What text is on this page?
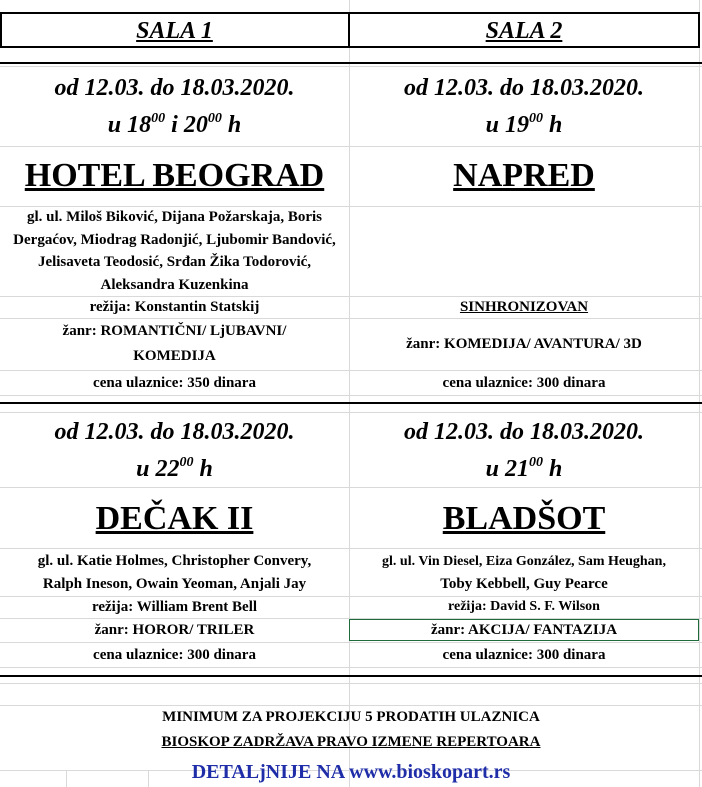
SALA 1	SALA 2
od 12.03. do 18.03.2020.
u $18^{00}$ i $20^{00}$ h
HOTEL BEOGRAD
gl. ul. Miloš Biković, Dijana Požarskaja, Boris Dergaćov, Miodrag Radonjić, Ljubomir Bandović, Jelisaveta Teodosić, Srđan Žika Todorović, Aleksandra Kuzenkina
režija: Konstantin Statskij
žanr: ROMANTIČNI/ LjUBAVNI/
KOMEDIJA
cena ulaznice: 350 dinara
od 12.03. do 18.03.2020.
u $19^{00}$ h
NAPRED
SINHRONIZOVAN
žanr: KOMEDIJA/ AVANTURA/ 3D
cena ulaznice: 300 dinara
od 12.03. do 18.03.2020.
u $22^{00}$ h
DEČAK II
gl. ul. Katie Holmes, Christopher Convery,
Ralph Ineson, Owain Yeoman, Anjali Jay
režija: William Brent Bell
žanr: HOROR/ TRILER
cena ulaznice: 300 dinara
od 12.03. do 18.03.2020.
u $21^{00}$ h
BLADŠOT
gl. ul. Vin Diesel, Eiza González, Sam Heughan,
Toby Kebbell, Guy Pearce
režija: David S. F. Wilson
žanr: AKCIJA/ FANTAZIJA
cena ulaznice: 300 dinara
MINIMUM ZA PROJEKCIJU 5 PRODATIH ULAZNICA
BIOSKOP ZADRŽAVA PRAVO IZMENE REPERTOARA
DETALjNIJE NA www.bioskopart.rs
